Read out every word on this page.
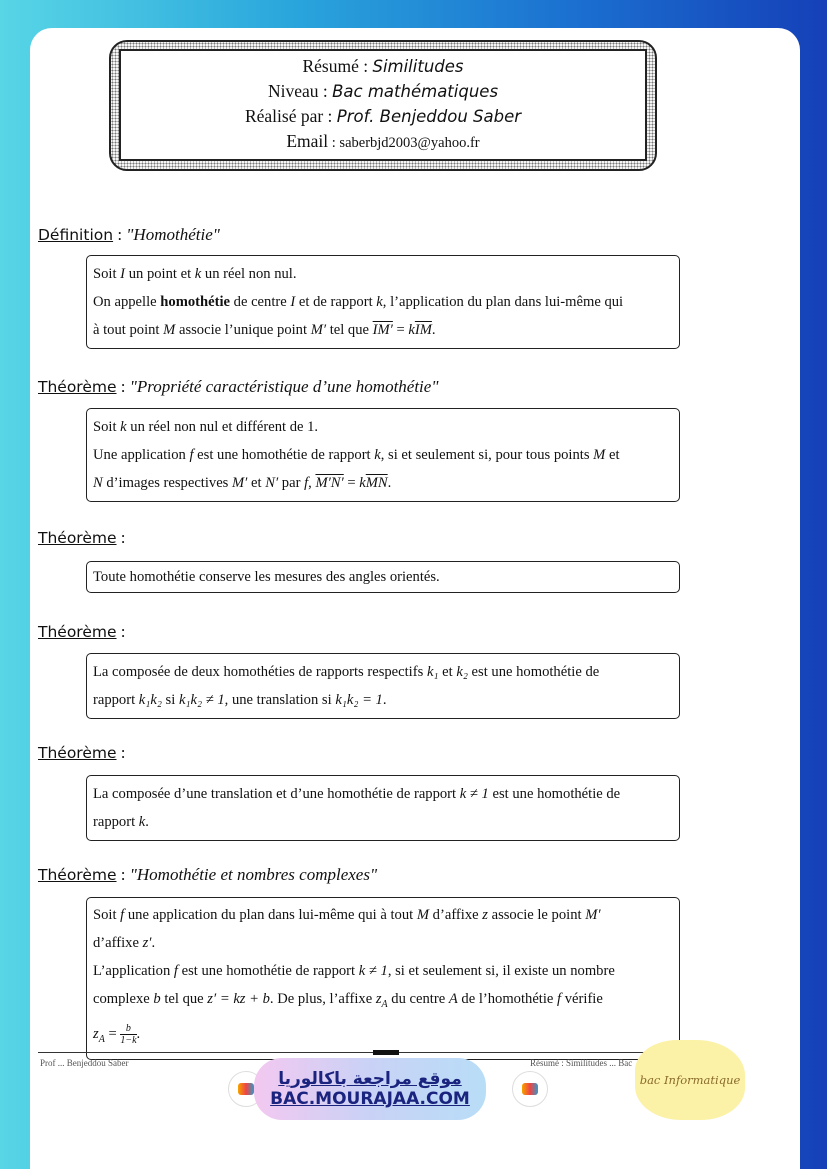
Résumé : Similitudes
Niveau : Bac mathématiques
Réalisé par : Prof. Benjeddou Saber
Email : saberbjd2003@yahoo.fr
Définition : "Homothétie"
Soit I un point et k un réel non nul.
On appelle homothétie de centre I et de rapport k, l’application du plan dans lui-même qui
à tout point M associe l’unique point M′ tel que $IM' = k\overline{IM}$.
Théorème : "Propriété caractéristique d’une homothétie"
Soit k un réel non nul et différent de 1.
Une application f est une homothétie de rapport k, si et seulement si, pour tous points M et
N d’images respectives M′ et N′ par f, $M'N' = k\overline{MN}$.
Théorème :
Toute homothétie conserve les mesures des angles orientés.
Théorème :
La composée de deux homothéties de rapports respectifs k₁ et k₂ est une homothétie de
rapport k₁k₂ si k₁k₂ ≠ 1, une translation si k₁k₂ = 1.
Théorème :
La composée d’une translation et d’une homothétie de rapport k ≠ 1 est une homothétie de
rapport k.
Théorème : "Homothétie et nombres complexes"
Soit f une application du plan dans lui-même qui à tout M d’affixe z associe le point M′
d’affixe z′.
L’application f est une homothétie de rapport k ≠ 1, si et seulement si, il existe un nombre
complexe b tel que z′ = kz + b. De plus, l’affixe $z_A$ du centre A de l’homothétie f vérifie
$z_A = \frac{b}{1-k}$ .
Prof ... Benjeddou Saber	Résumé : Similitudes ... Bac
موقع مراجعة باكالوريا
BAC.MOURAJAA.COM
bac Informatique
